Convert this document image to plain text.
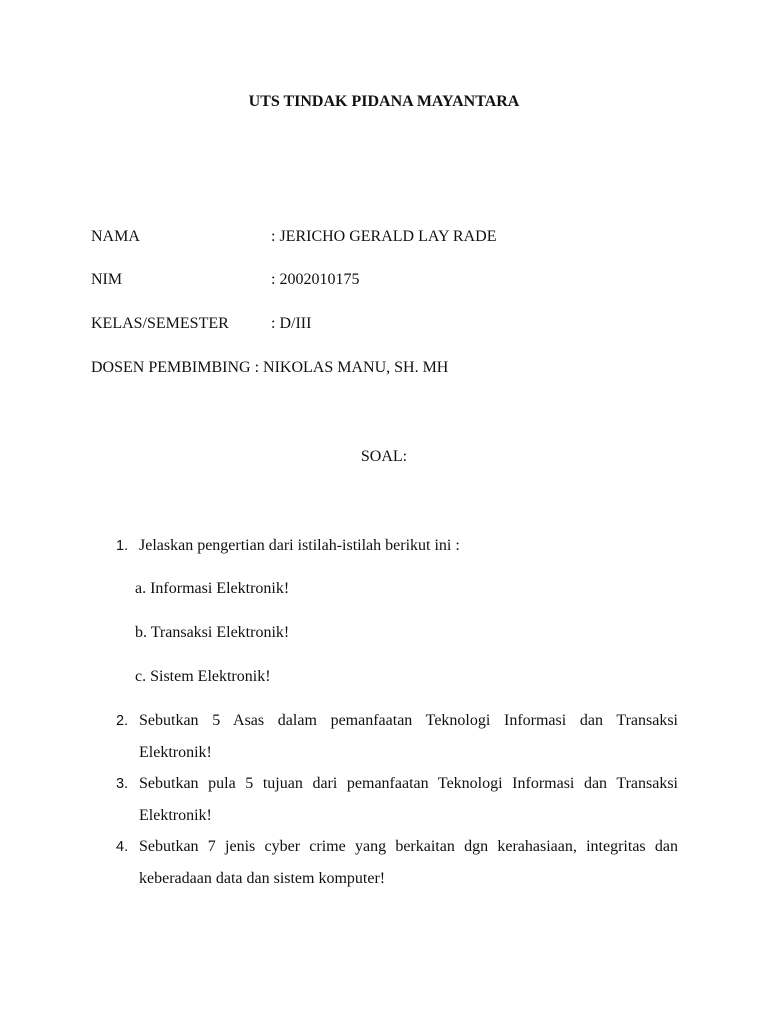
UTS TINDAK PIDANA MAYANTARA
NAMA	: JERICHO GERALD LAY RADE
NIM	: 2002010175
KELAS/SEMESTER	: D/III
DOSEN PEMBIMBING : NIKOLAS MANU, SH. MH
SOAL:
1. Jelaskan pengertian dari istilah-istilah berikut ini :
a. Informasi Elektronik!
b. Transaksi Elektronik!
c. Sistem Elektronik!
2. Sebutkan 5 Asas dalam pemanfaatan Teknologi Informasi dan Transaksi
Elektronik!
3. Sebutkan pula 5 tujuan dari pemanfaatan Teknologi Informasi dan Transaksi
Elektronik!
4. Sebutkan 7 jenis cyber crime yang berkaitan dgn kerahasiaan, integritas dan
keberadaan data dan sistem komputer!
